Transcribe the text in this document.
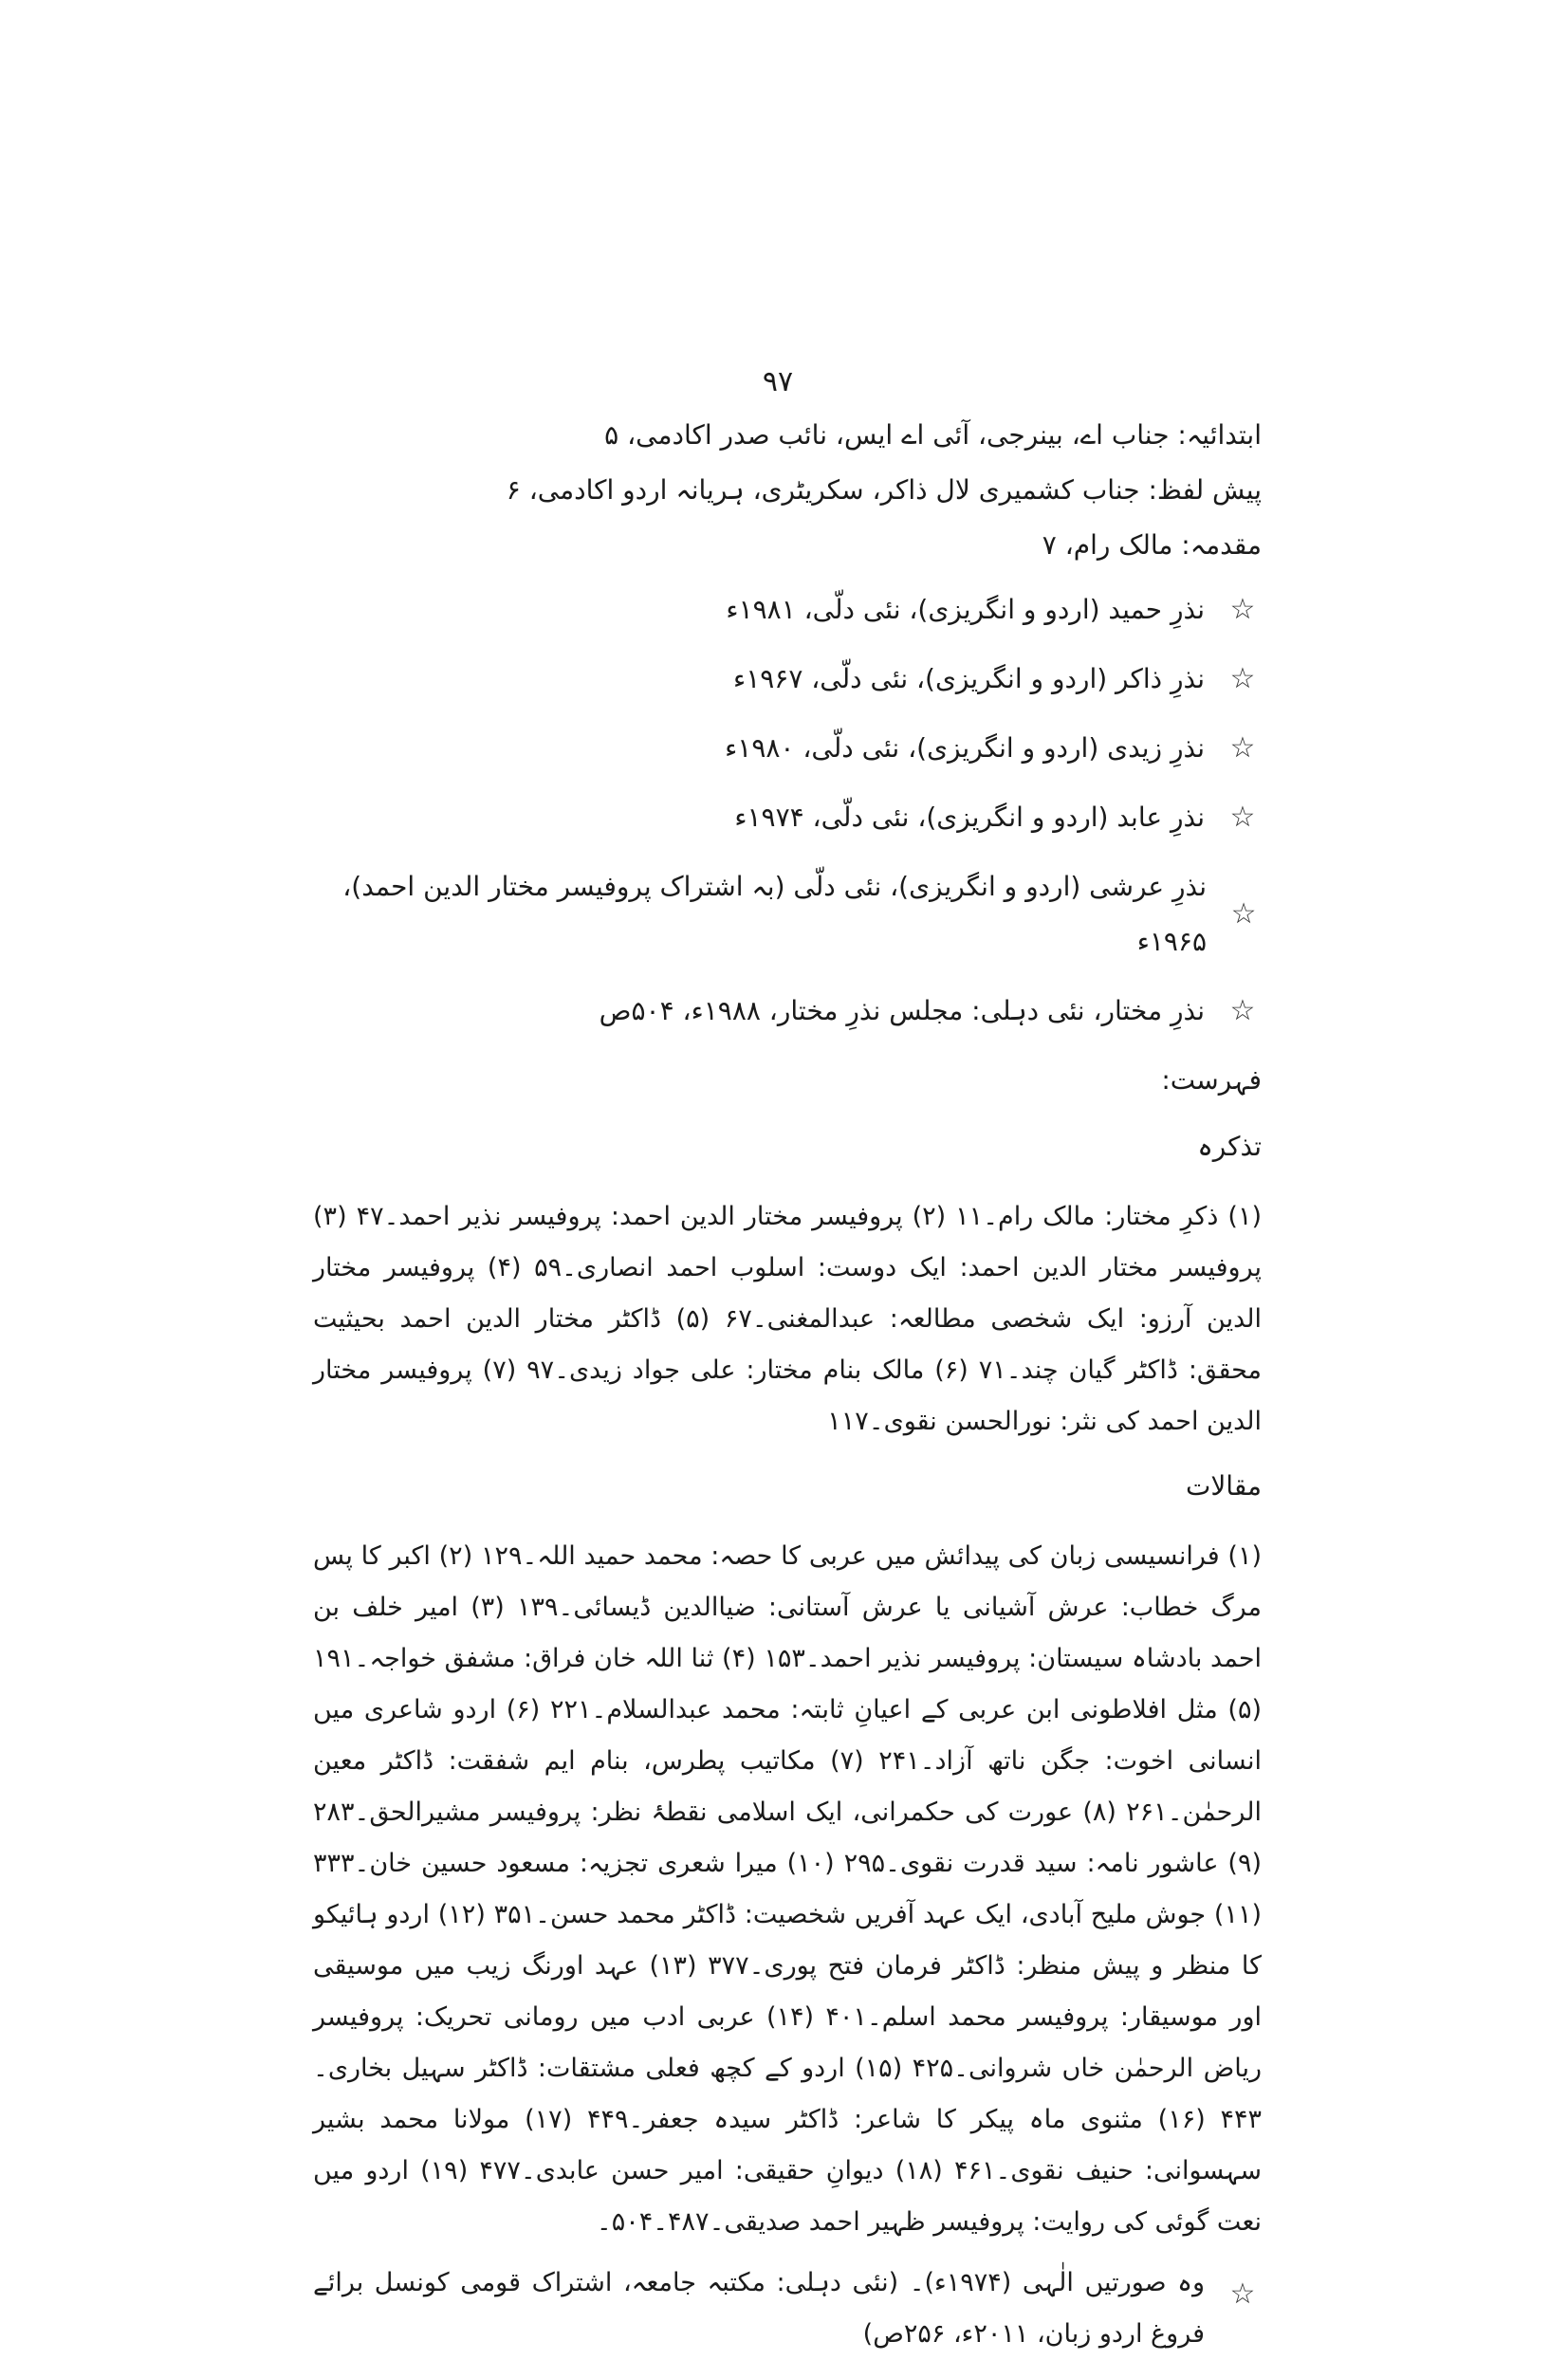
۹۷

ابتدائیہ: جناب اے، بینرجی، آئی اے ایس، نائب صدر اکادمی، ۵

پیش لفظ: جناب کشمیری لال ذاکر، سکریٹری، ہریانہ اردو اکادمی، ۶

مقدمہ: مالک رام، ۷

☆
نذرِ حمید (اردو و انگریزی)، نئی دلّی، ۱۹۸۱ء
☆
نذرِ ذاکر (اردو و انگریزی)، نئی دلّی، ۱۹۶۷ء
☆
نذرِ زیدی (اردو و انگریزی)، نئی دلّی، ۱۹۸۰ء
☆
نذرِ عابد (اردو و انگریزی)، نئی دلّی، ۱۹۷۴ء
☆
نذرِ عرشی (اردو و انگریزی)، نئی دلّی (بہ اشتراک پروفیسر مختار الدین احمد)، ۱۹۶۵ء
☆
نذرِ مختار، نئی دہلی: مجلس نذرِ مختار، ۱۹۸۸ء، ۵۰۴ص

فہرست:

تذکرہ

(۱) ذکرِ مختار: مالک رام۔۱۱ (۲) پروفیسر مختار الدین احمد: پروفیسر نذیر احمد۔۴۷ (۳) پروفیسر مختار الدین احمد: ایک دوست: اسلوب احمد انصاری۔۵۹ (۴) پروفیسر مختار الدین آرزو: ایک شخصی مطالعہ: عبدالمغنی۔۶۷ (۵) ڈاکٹر مختار الدین احمد بحیثیت محقق: ڈاکٹر گیان چند۔۷۱ (۶) مالک بنام مختار: علی جواد زیدی۔۹۷ (۷) پروفیسر مختار الدین احمد کی نثر: نورالحسن نقوی۔۱۱۷

مقالات

(۱) فرانسیسی زبان کی پیدائش میں عربی کا حصہ: محمد حمید اللہ۔۱۲۹ (۲) اکبر کا پس مرگ خطاب: عرش آشیانی یا عرش آستانی: ضیاالدین ڈیسائی۔۱۳۹ (۳) امیر خلف بن احمد بادشاہ سیستان: پروفیسر نذیر احمد۔۱۵۳ (۴) ثنا اللہ خان فراق: مشفق خواجہ۔۱۹۱ (۵) مثل افلاطونی ابن عربی کے اعیانِ ثابتہ: محمد عبدالسلام۔۲۲۱ (۶) اردو شاعری میں انسانی اخوت: جگن ناتھ آزاد۔۲۴۱ (۷) مکاتیب پطرس، بنام ایم شفقت: ڈاکٹر معین الرحمٰن۔۲۶۱ (۸) عورت کی حکمرانی، ایک اسلامی نقطۂ نظر: پروفیسر مشیرالحق۔۲۸۳ (۹) عاشور نامہ: سید قدرت نقوی۔۲۹۵ (۱۰) میرا شعری تجزیہ: مسعود حسین خان۔۳۳۳ (۱۱) جوش ملیح آبادی، ایک عہد آفریں شخصیت: ڈاکٹر محمد حسن۔۳۵۱ (۱۲) اردو ہائیکو کا منظر و پیش منظر: ڈاکٹر فرمان فتح پوری۔۳۷۷ (۱۳) عہد اورنگ زیب میں موسیقی اور موسیقار: پروفیسر محمد اسلم۔۴۰۱ (۱۴) عربی ادب میں رومانی تحریک: پروفیسر ریاض الرحمٰن خاں شروانی۔۴۲۵ (۱۵) اردو کے کچھ فعلی مشتقات: ڈاکٹر سہیل بخاری۔۴۴۳ (۱۶) مثنوی ماہ پیکر کا شاعر: ڈاکٹر سیدہ جعفر۔۴۴۹ (۱۷) مولانا محمد بشیر سہسوانی: حنیف نقوی۔۴۶۱ (۱۸) دیوانِ حقیقی: امیر حسن عابدی۔۴۷۷ (۱۹) اردو میں نعت گوئی کی روایت: پروفیسر ظہیر احمد صدیقی۔۴۸۷۔۵۰۴۔

☆

وہ صورتیں الٰہی (۱۹۷۴ء)۔ (نئی دہلی: مکتبہ جامعہ، اشتراک قومی کونسل برائے فروغ اردو زبان، ۲۰۱۱ء، ۲۵۶ص)
